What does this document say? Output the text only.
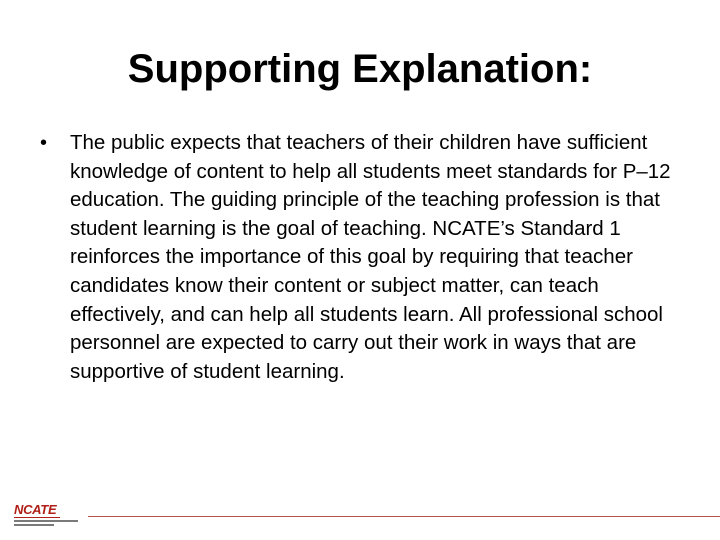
Supporting Explanation:
• The public expects that teachers of their children have sufficient knowledge of content to help all students meet standards for P–12 education. The guiding principle of the teaching profession is that student learning is the goal of teaching. NCATE’s Standard 1 reinforces the importance of this goal by requiring that teacher candidates know their content or subject matter, can teach effectively, and can help all students learn. All professional school personnel are expected to carry out their work in ways that are supportive of student learning.
NCATE
